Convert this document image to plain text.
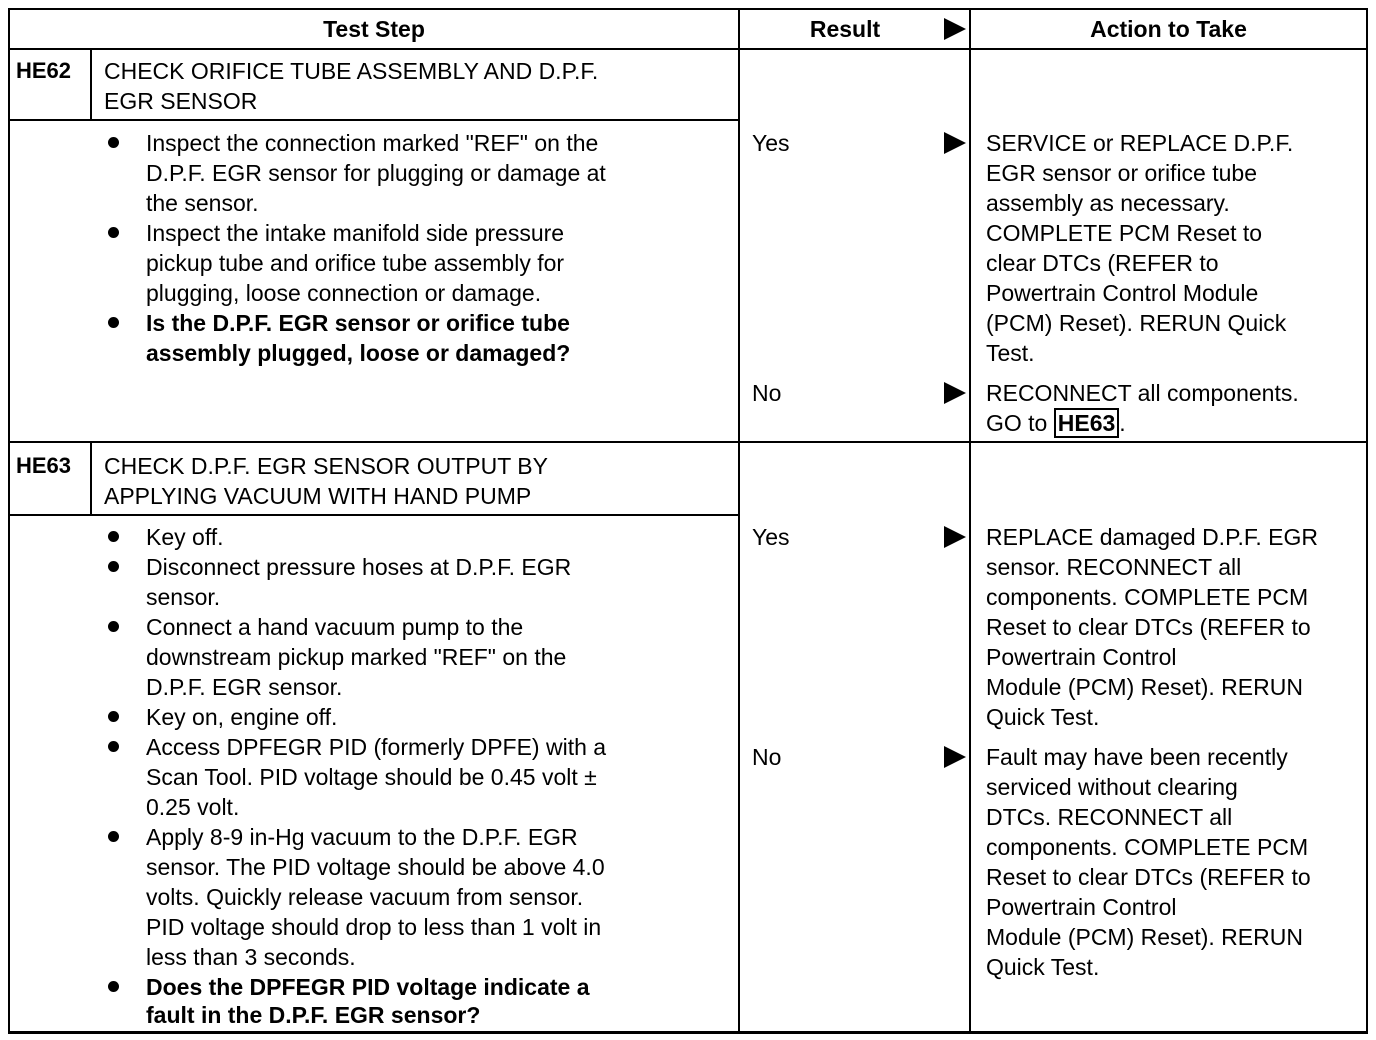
Test Step	Result	Action to Take
HE62 CHECK ORIFICE TUBE ASSEMBLY AND D.P.F.
EGR SENSOR
Inspect the connection marked "REF" on the
D.P.F. EGR sensor for plugging or damage at
the sensor.
Inspect the intake manifold side pressure
pickup tube and orifice tube assembly for
plugging, loose connection or damage.
Is the D.P.F. EGR sensor or orifice tube
assembly plugged, loose or damaged?
Yes	SERVICE or REPLACE D.P.F.
EGR sensor or orifice tube
assembly as necessary.
COMPLETE PCM Reset to
clear DTCs (REFER to
Powertrain Control Module
(PCM) Reset). RERUN Quick
Test.
No	RECONNECT all components.
GO to HE63 .
HE63 CHECK D.P.F. EGR SENSOR OUTPUT BY
APPLYING VACUUM WITH HAND PUMP
Key off.
Disconnect pressure hoses at D.P.F. EGR
sensor.
Connect a hand vacuum pump to the
downstream pickup marked "REF" on the
D.P.F. EGR sensor.
Key on, engine off.
Access DPFEGR PID (formerly DPFE) with a
Scan Tool. PID voltage should be 0.45 volt ±
0.25 volt.
Apply 8-9 in-Hg vacuum to the D.P.F. EGR
sensor. The PID voltage should be above 4.0
volts. Quickly release vacuum from sensor.
PID voltage should drop to less than 1 volt in
less than 3 seconds.
Does the DPFEGR PID voltage indicate a
fault in the D.P.F. EGR sensor?
Yes	REPLACE damaged D.P.F. EGR
sensor. RECONNECT all
components. COMPLETE PCM
Reset to clear DTCs (REFER to
Powertrain Control
Module (PCM) Reset). RERUN
Quick Test.
No	Fault may have been recently
serviced without clearing
DTCs. RECONNECT all
components. COMPLETE PCM
Reset to clear DTCs (REFER to
Powertrain Control
Module (PCM) Reset). RERUN
Quick Test.
